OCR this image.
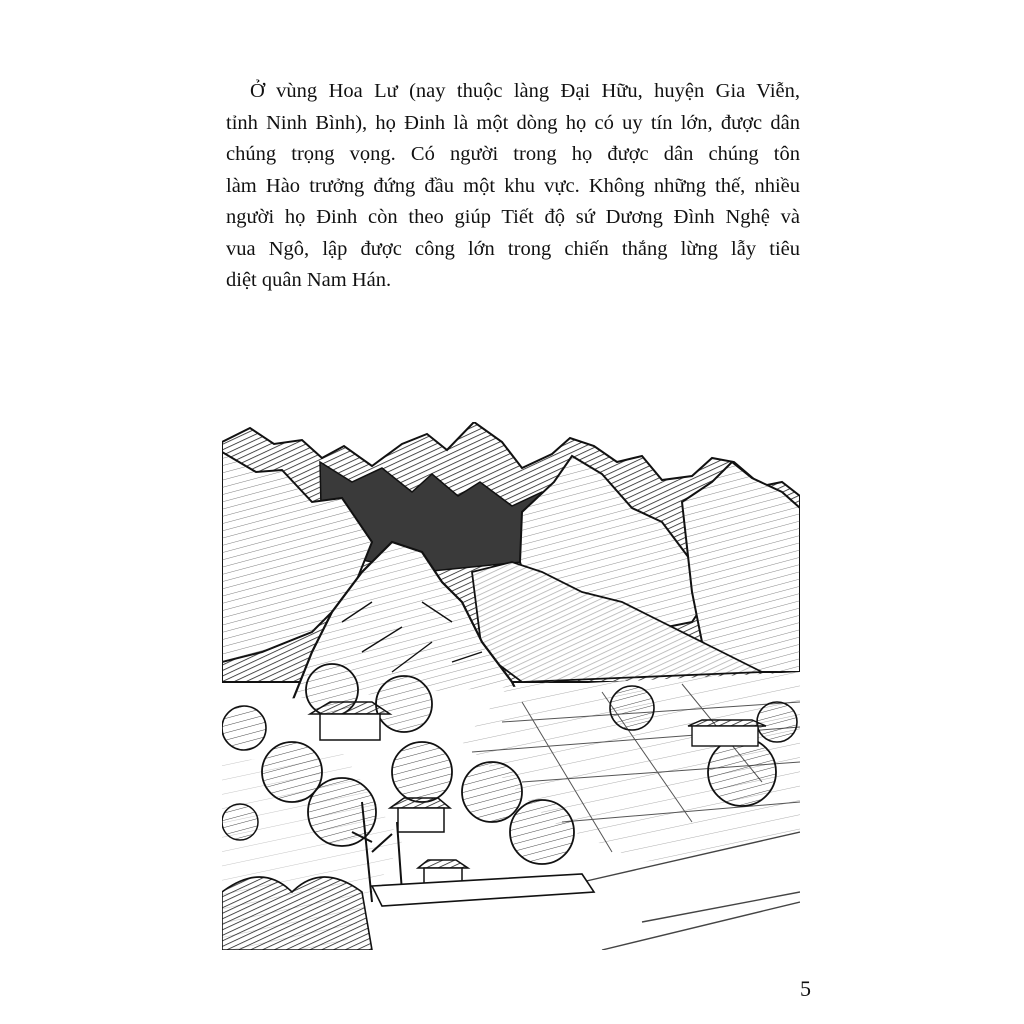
Ở vùng Hoa Lư (nay thuộc làng Đại Hữu, huyện Gia Viễn,
tỉnh Ninh Bình), họ Đinh là một dòng họ có uy tín lớn, được dân
chúng trọng vọng. Có người trong họ được dân chúng tôn
làm Hào trưởng đứng đầu một khu vực. Không những thế, nhiều
người họ Đinh còn theo giúp Tiết độ sứ Dương Đình Nghệ và
vua Ngô, lập được công lớn trong chiến thắng lừng lẫy tiêu
diệt quân Nam Hán.
5
